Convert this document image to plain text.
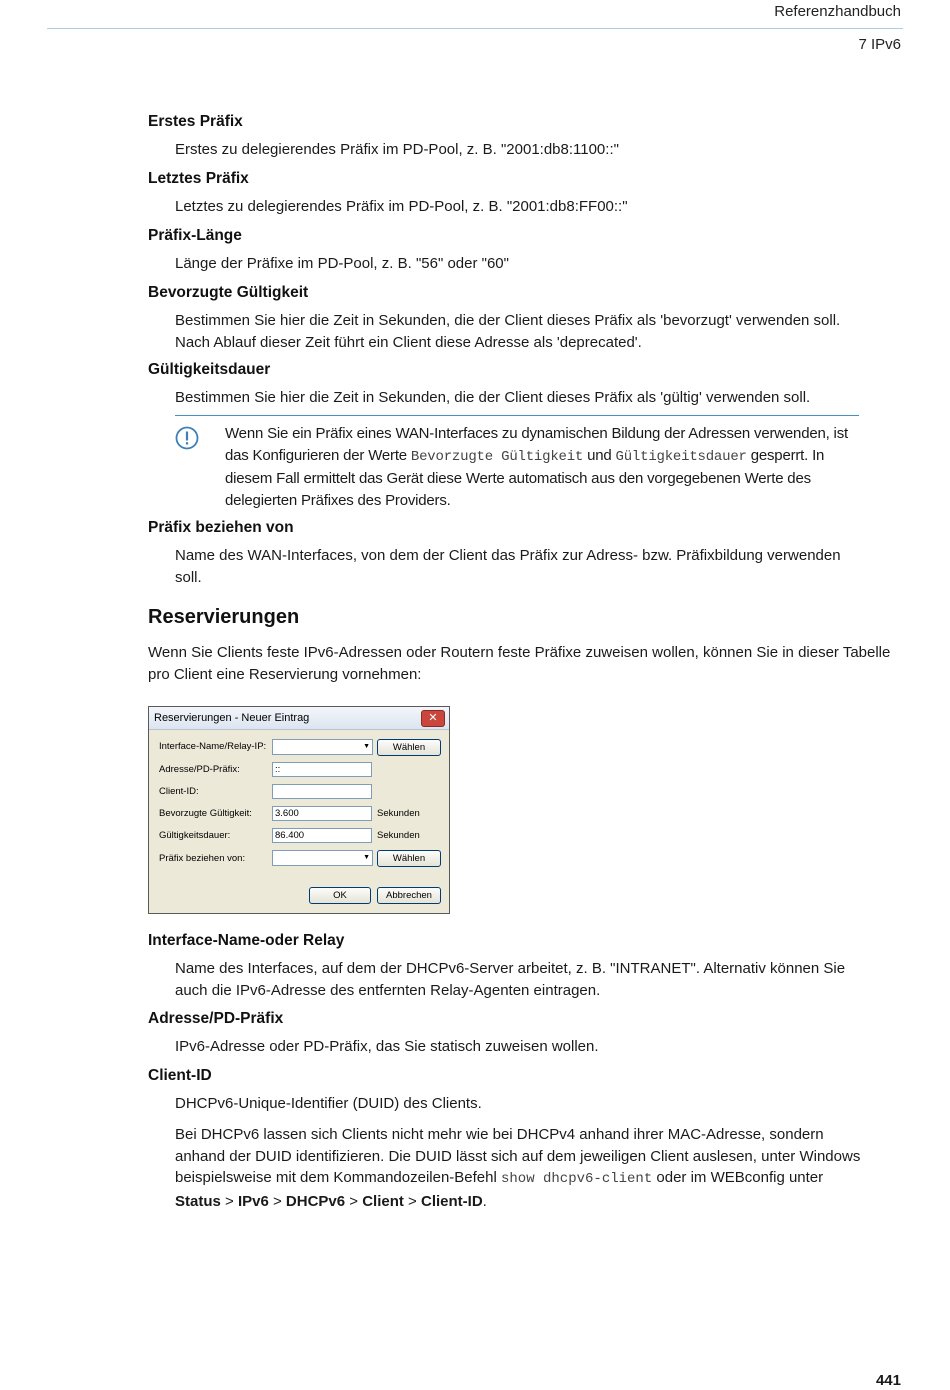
Referenzhandbuch
7 IPv6
Erstes Präfix
Erstes zu delegierendes Präfix im PD-Pool, z. B. "2001:db8:1100::"
Letztes Präfix
Letztes zu delegierendes Präfix im PD-Pool, z. B. "2001:db8:FF00::"
Präfix-Länge
Länge der Präfixe im PD-Pool, z. B. "56" oder "60"
Bevorzugte Gültigkeit
Bestimmen Sie hier die Zeit in Sekunden, die der Client dieses Präfix als 'bevorzugt' verwenden soll. Nach Ablauf dieser Zeit führt ein Client diese Adresse als 'deprecated'.
Gültigkeitsdauer
Bestimmen Sie hier die Zeit in Sekunden, die der Client dieses Präfix als 'gültig' verwenden soll.
Wenn Sie ein Präfix eines WAN-Interfaces zu dynamischen Bildung der Adressen verwenden, ist das Konfigurieren der Werte Bevorzugte Gültigkeit und Gültigkeitsdauer gesperrt. In diesem Fall ermittelt das Gerät diese Werte automatisch aus den vorgegebenen Werte des delegierten Präfixes des Providers.
Präfix beziehen von
Name des WAN-Interfaces, von dem der Client das Präfix zur Adress- bzw. Präfixbildung verwenden soll.
Reservierungen
Wenn Sie Clients feste IPv6-Adressen oder Routern feste Präfixe zuweisen wollen, können Sie in dieser Tabelle pro Client eine Reservierung vornehmen:
Reservierungen - Neuer Eintrag	✕
Interface-Name/Relay-IP:	▼	Wählen
Adresse/PD-Präfix:	::
Client-ID:
Bevorzugte Gültigkeit:	3.600	Sekunden
Gültigkeitsdauer:	86.400	Sekunden
Präfix beziehen von:	▼	Wählen
OK	Abbrechen
Interface-Name-oder Relay
Name des Interfaces, auf dem der DHCPv6-Server arbeitet, z. B. "INTRANET". Alternativ können Sie auch die IPv6-Adresse des entfernten Relay-Agenten eintragen.
Adresse/PD-Präfix
IPv6-Adresse oder PD-Präfix, das Sie statisch zuweisen wollen.
Client-ID
DHCPv6-Unique-Identifier (DUID) des Clients.
Bei DHCPv6 lassen sich Clients nicht mehr wie bei DHCPv4 anhand ihrer MAC-Adresse, sondern anhand der DUID identifizieren. Die DUID lässt sich auf dem jeweiligen Client auslesen, unter Windows beispielsweise mit dem Kommandozeilen-Befehl show dhcpv6-client oder im WEBconfig unter Status > IPv6 > DHCPv6 > Client > Client-ID.
441
